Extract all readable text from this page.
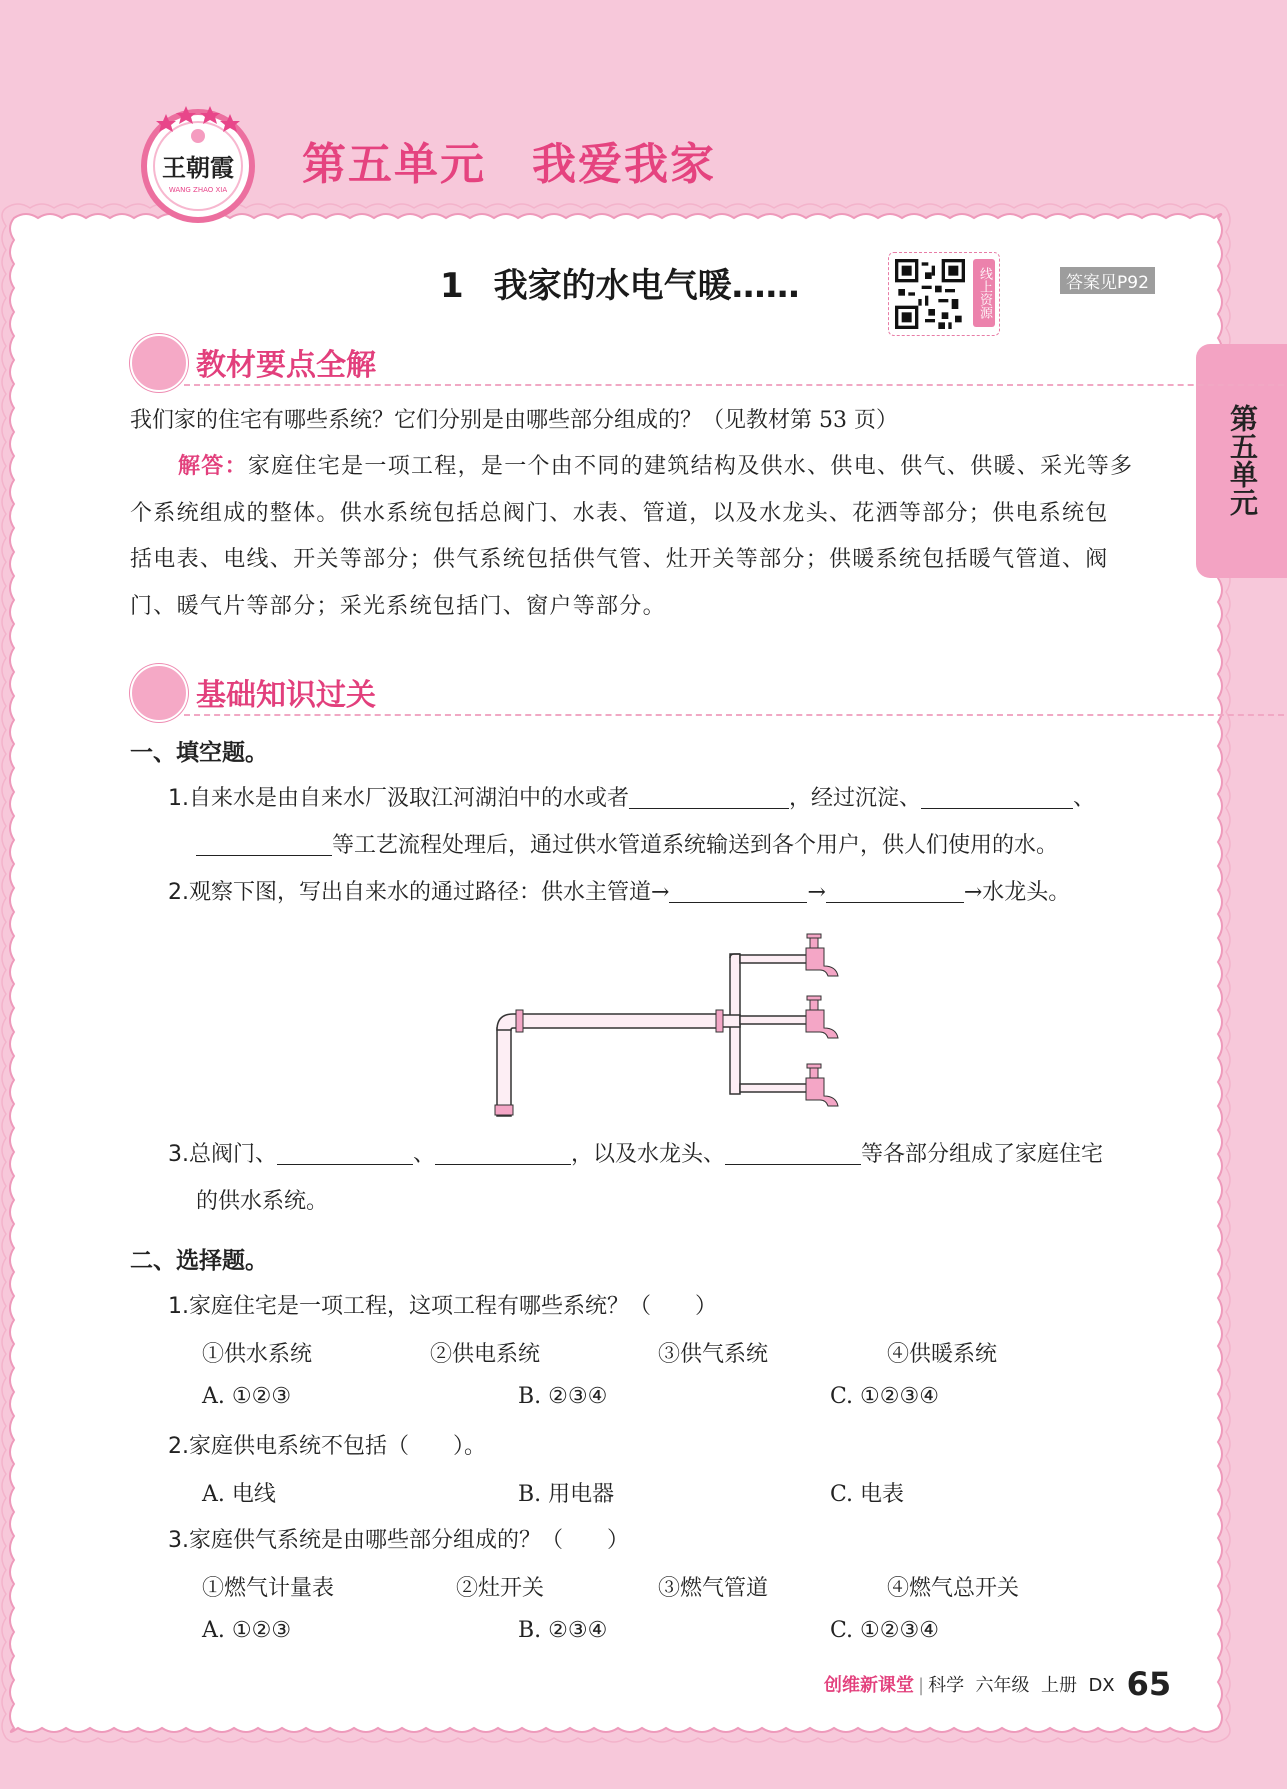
王朝霞
WANG ZHAO XIA	第五单元　我爱我家
1 我家的水电气暖……	线上资源	答案见P92
第五单元
教材要点全解
我们家的住宅有哪些系统？它们分别是由哪些部分组成的？（见教材第 53 页）
解答：家庭住宅是一项工程，是一个由不同的建筑结构及供水、供电、供气、供暖、采光等多
个系统组成的整体。供水系统包括总阀门、水表、管道，以及水龙头、花洒等部分；供电系统包
括电表、电线、开关等部分；供气系统包括供气管、灶开关等部分；供暖系统包括暖气管道、阀
门、暖气片等部分；采光系统包括门、窗户等部分。
基础知识过关
一、填空题。
1.自来水是由自来水厂汲取江河湖泊中的水或者	，经过沉淀、	、
等工艺流程处理后，通过供水管道系统输送到各个用户，供人们使用的水。
2.观察下图，写出自来水的通过路径：供水主管道→	→	→水龙头。
3.总阀门、	、	，以及水龙头、	等各部分组成了家庭住宅
的供水系统。
二、选择题。
1.家庭住宅是一项工程，这项工程有哪些系统？（　　）
①供水系统	②供电系统	③供气系统	④供暖系统
A. ①②③	B. ②③④	C. ①②③④
2.家庭供电系统不包括（　　）。
A. 电线	B. 用电器	C. 电表
3.家庭供气系统是由哪些部分组成的？（　　）
①燃气计量表	②灶开关	③燃气管道	④燃气总开关
A. ①②③	B. ②③④	C. ①②③④
创维新课堂 | 科学 六年级 上册 DX 65
